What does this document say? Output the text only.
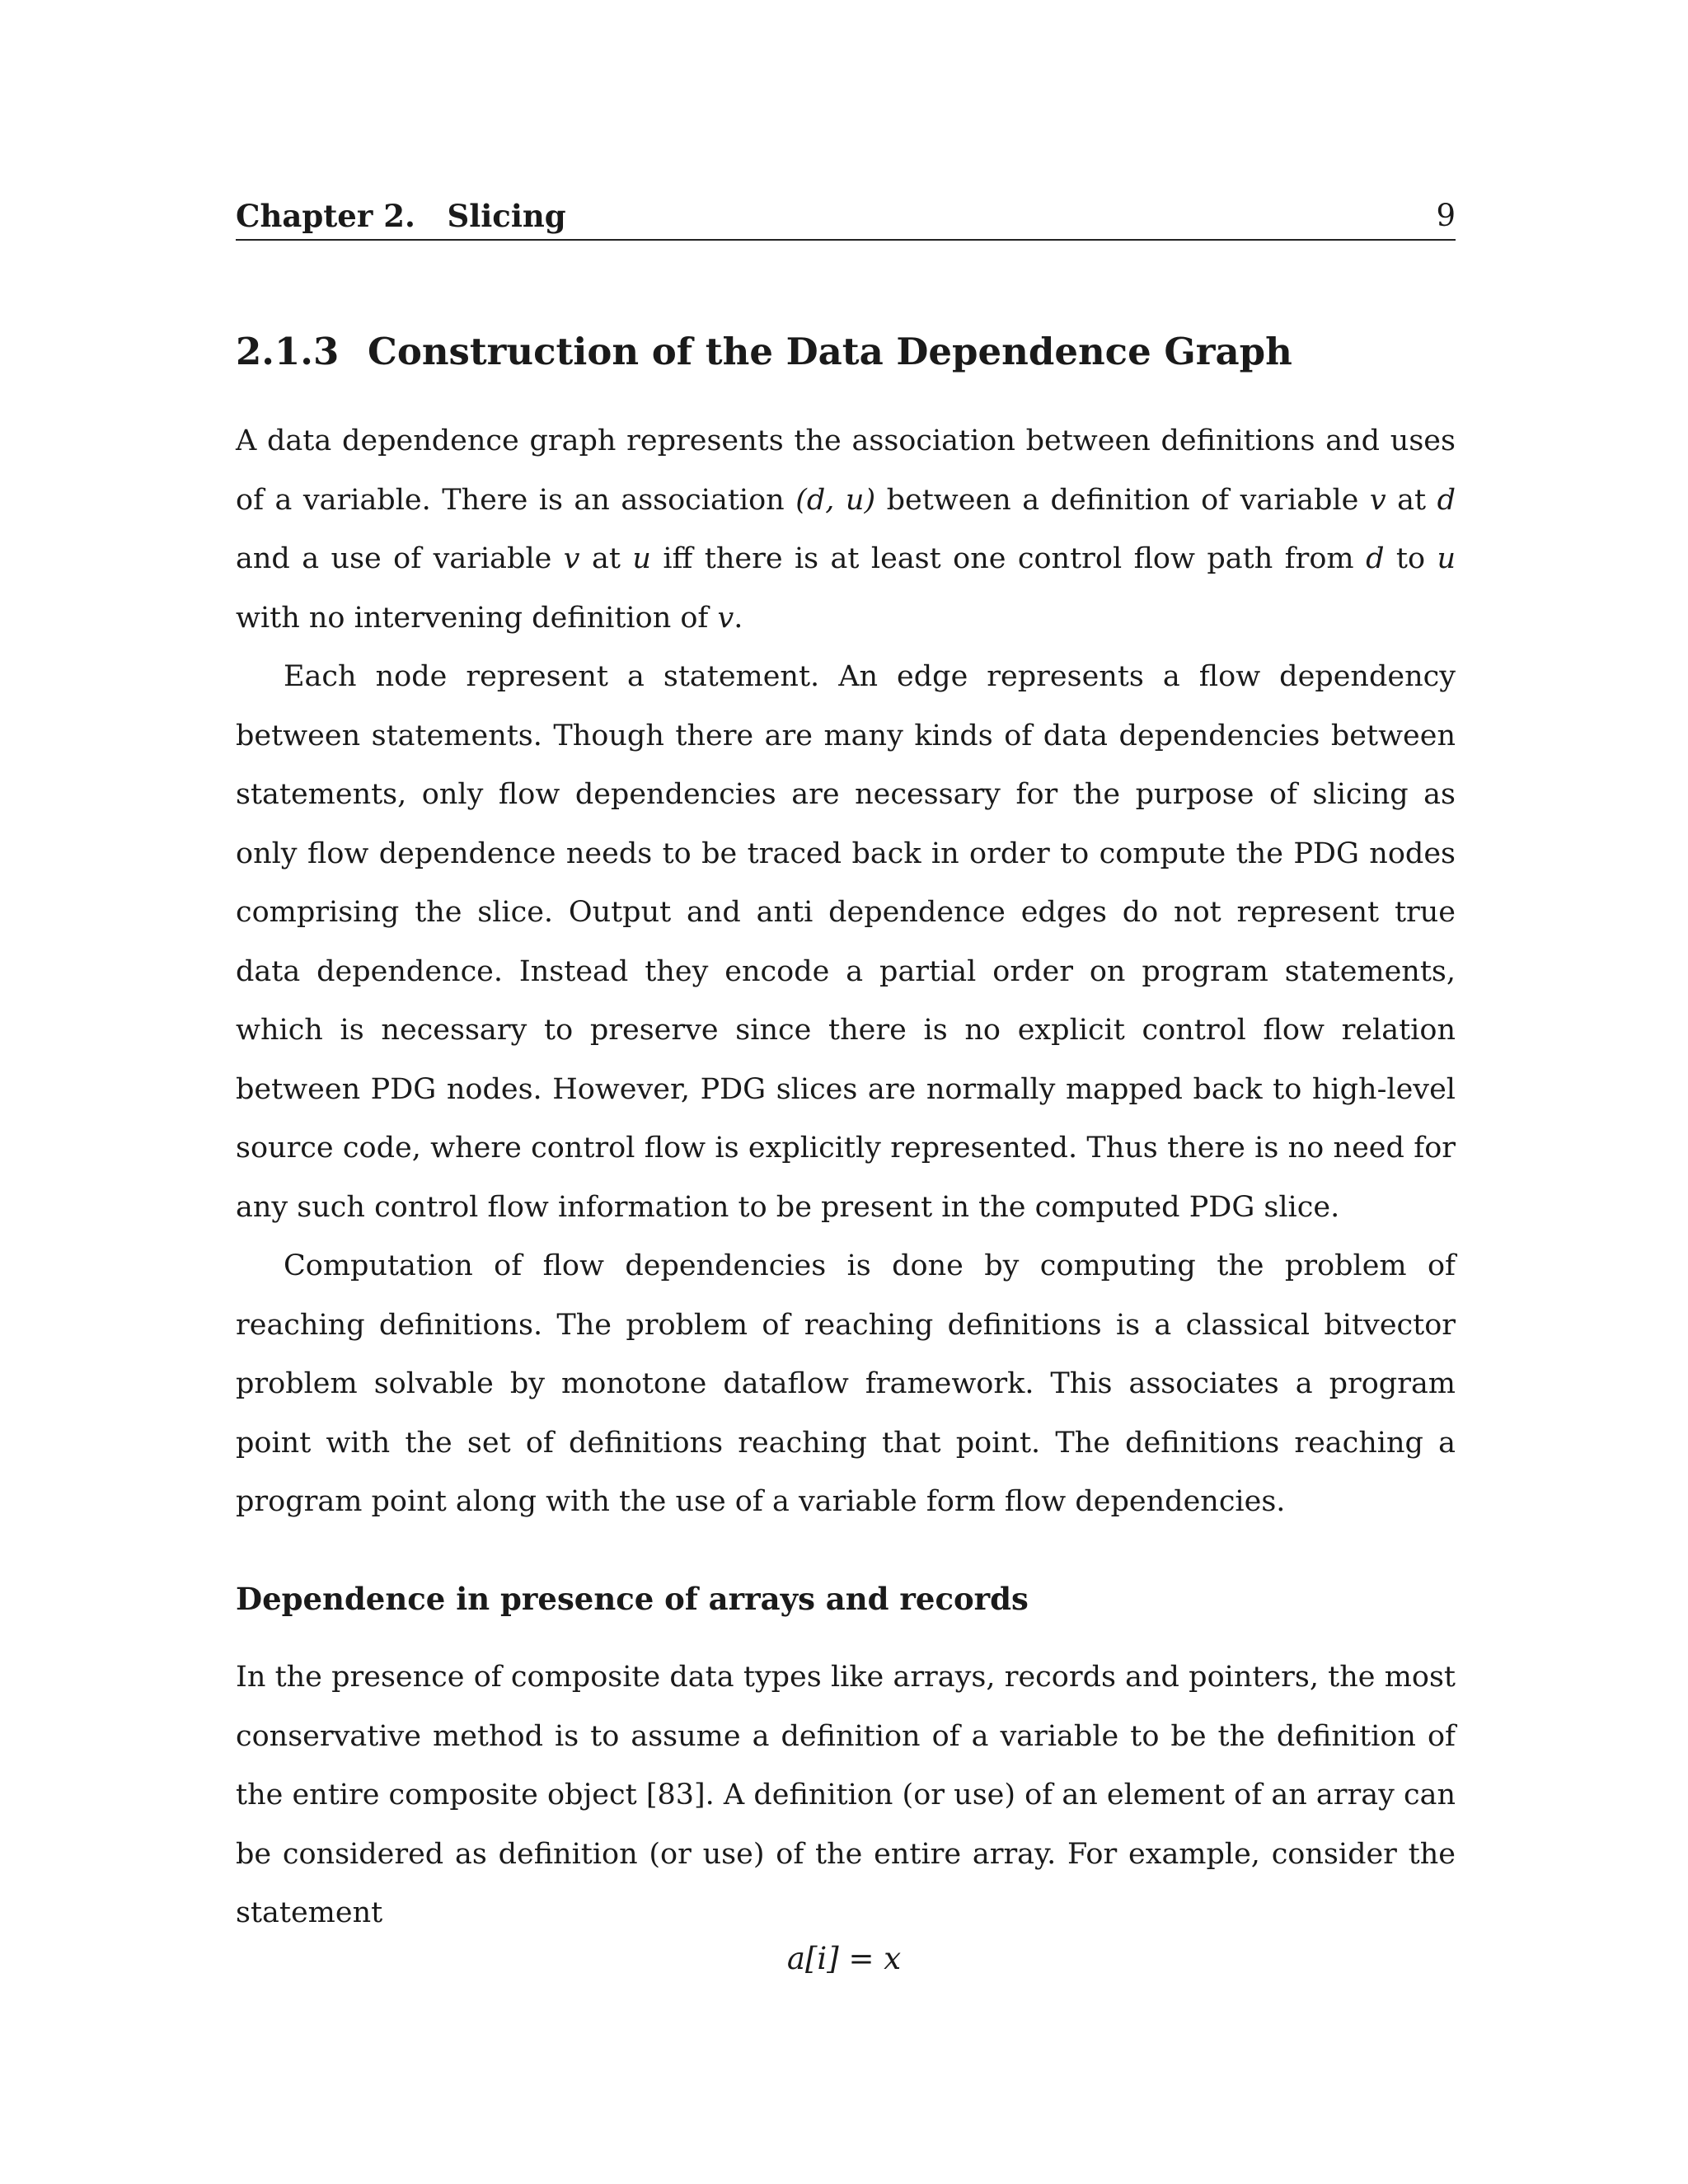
Chapter 2.   Slicing	9
2.1.3 Construction of the Data Dependence Graph

A data dependence graph represents the association between definitions and uses of a variable. There is an association (d, u) between a definition of variable v at d and a use of variable v at u iff there is at least one control flow path from d to u with no intervening definition of v.

Each node represent a statement. An edge represents a flow dependency between statements. Though there are many kinds of data dependencies between statements, only flow dependencies are necessary for the purpose of slicing as only flow dependence needs to be traced back in order to compute the PDG nodes comprising the slice. Output and anti dependence edges do not represent true data dependence. Instead they encode a partial order on program statements, which is necessary to preserve since there is no explicit control flow relation between PDG nodes. However, PDG slices are normally mapped back to high-level source code, where control flow is explicitly represented. Thus there is no need for any such control flow information to be present in the computed PDG slice.

Computation of flow dependencies is done by computing the problem of reaching definitions. The problem of reaching definitions is a classical bitvector problem solvable by monotone dataflow framework. This associates a program point with the set of definitions reaching that point. The definitions reaching a program point along with the use of a variable form flow dependencies.

Dependence in presence of arrays and records

In the presence of composite data types like arrays, records and pointers, the most conservative method is to assume a definition of a variable to be the definition of the entire composite object [83]. A definition (or use) of an element of an array can be considered as definition (or use) of the entire array. For example, consider the statement

a[i] = x
